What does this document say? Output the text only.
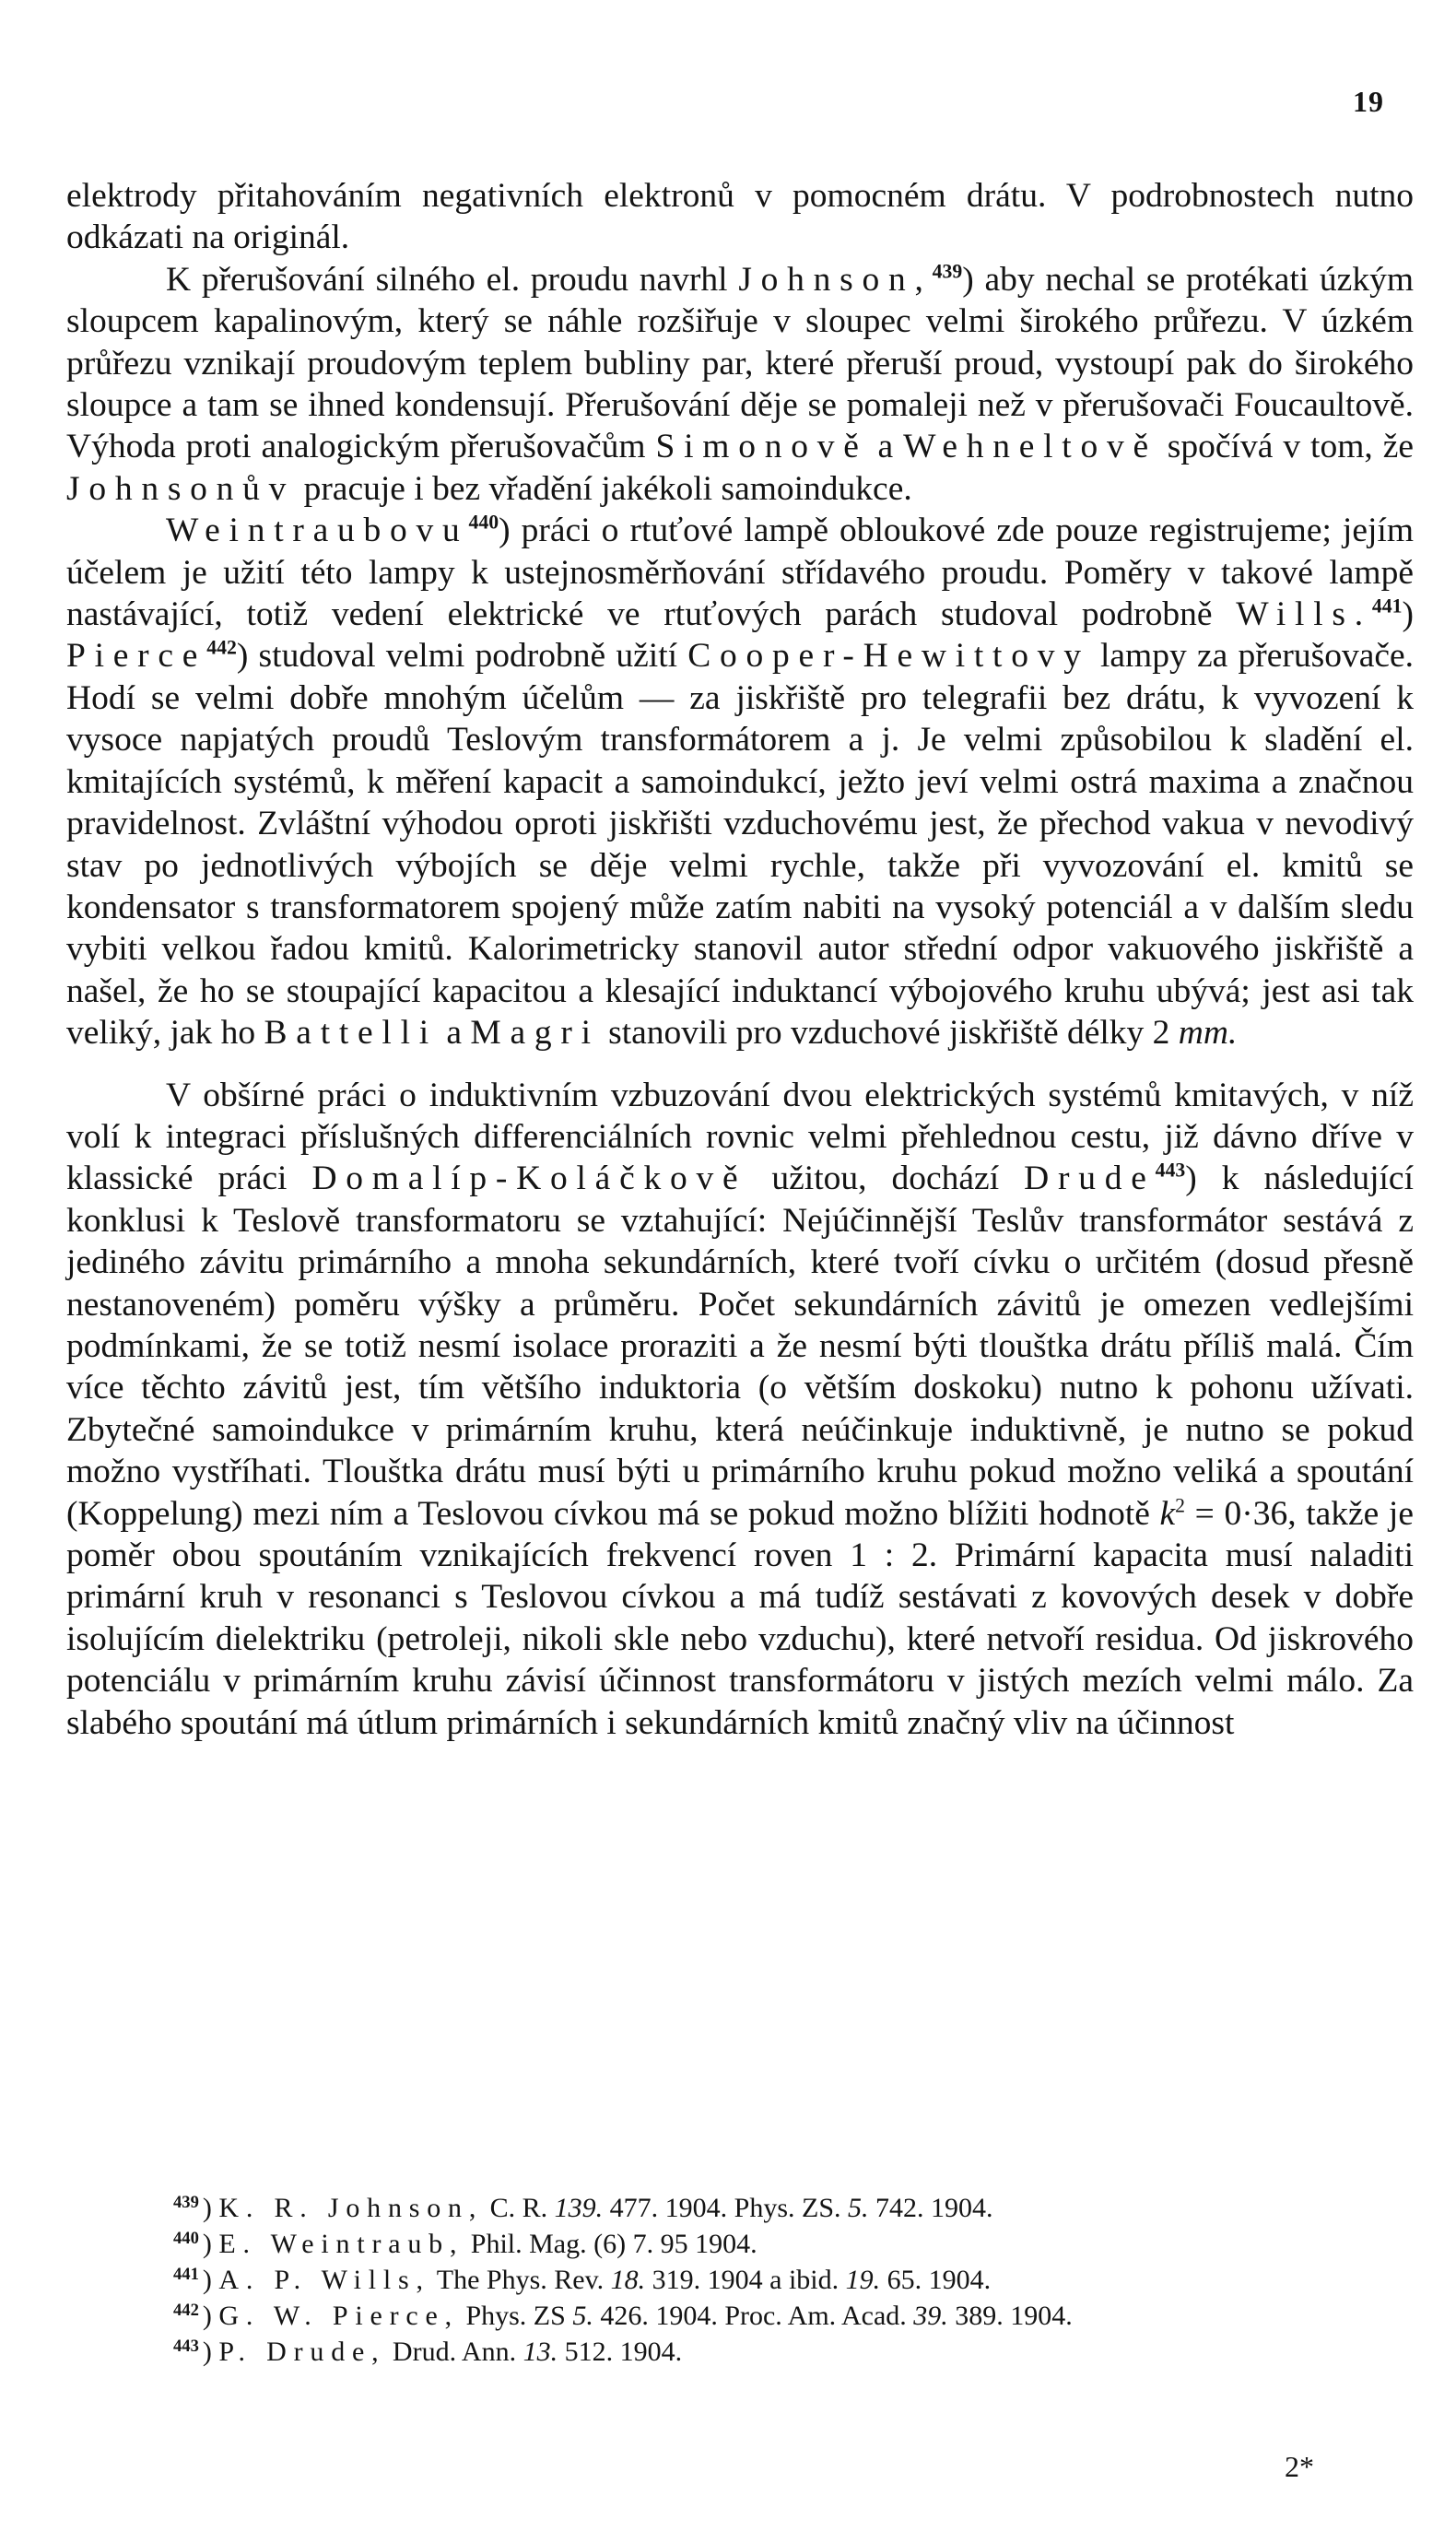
19

elektrody přitahováním negativních elektronů v pomocném drátu. V podrobnostech nutno odkázati na originál.

K přerušování silného el. proudu navrhl Johnson,$^{439}$) aby nechal se protékati úzkým sloupcem kapalinovým, který se náhle rozšiřuje v sloupec velmi širokého průřezu. V úzkém průřezu vznikají proudovým teplem bubliny par, které přeruší proud, vystoupí pak do širokého sloupce a tam se ihned kondensují. Přerušování děje se pomaleji než v přerušovači Foucaultově. Výhoda proti analogickým přerušovačům Simonově a Wehneltově spočívá v tom, že Johnsonův pracuje i bez vřadění jakékoli samoindukce.

Weintraubovu$^{440}$) práci o rtuťové lampě obloukové zde pouze registrujeme; jejím účelem je užití této lampy k ustejnosměrňování střídavého proudu. Poměry v takové lampě nastávající, totiž vedení elektrické ve rtuťových parách studoval podrobně Wills.$^{441}$) Pierce$^{442}$) studoval velmi podrobně užití Cooper-Hewittovy lampy za přerušovače. Hodí se velmi dobře mnohým účelům — za jiskřiště pro telegrafii bez drátu, k vyvození k vysoce napjatých proudů Teslovým transformátorem a j. Je velmi způsobilou k sladění el. kmitajících systémů, k měření kapacit a samoindukcí, ježto jeví velmi ostrá maxima a značnou pravidelnost. Zvláštní výhodou oproti jiskřišti vzduchovému jest, že přechod vakua v nevodivý stav po jednotlivých výbojích se děje velmi rychle, takže při vyvozování el. kmitů se kondensator s transformatorem spojený může zatím nabiti na vysoký potenciál a v dalším sledu vybiti velkou řadou kmitů. Kalorimetricky stanovil autor střední odpor vakuového jiskřiště a našel, že ho se stoupající kapacitou a klesající induktancí výbojového kruhu ubývá; jest asi tak veliký, jak ho Battelli a Magri stanovili pro vzduchové jiskřiště délky 2 mm.

V obšírné práci o induktivním vzbuzování dvou elektrických systémů kmitavých, v níž volí k integraci příslušných differenciálních rovnic velmi přehlednou cestu, již dávno dříve v klassické práci Domalíp-Koláčkově užitou, dochází Drude$^{443}$) k následující konklusi k Teslově transformatoru se vztahující: Nejúčinnější Teslův transformátor sestává z jediného závitu primárního a mnoha sekundárních, které tvoří cívku o určitém (dosud přesně nestanoveném) poměru výšky a průměru. Počet sekundárních závitů je omezen vedlejšími podmínkami, že se totiž nesmí isolace proraziti a že nesmí býti tlouštka drátu příliš malá. Čím více těchto závitů jest, tím většího induktoria (o větším doskoku) nutno k pohonu užívati. Zbytečné samoindukce v primárním kruhu, která neúčinkuje induktivně, je nutno se pokud možno vystříhati. Tlouštka drátu musí býti u primárního kruhu pokud možno veliká a spoutání (Koppelung) mezi ním a Teslovou cívkou má se pokud možno blížiti hodnotě $k^2 = 0\cdot 36$, takže je poměr obou spoutáním vznikajících frekvencí roven 1 : 2. Primární kapacita musí naladiti primární kruh v resonanci s Teslovou cívkou a má tudíž sestávati z kovových desek v dobře isolujícím dielektriku (petroleji, nikoli skle nebo vzduchu), které netvoří residua. Od jiskrového potenciálu v primárním kruhu závisí účinnost transformátoru v jistých mezích velmi málo. Za slabého spoutání má útlum primárních i sekundárních kmitů značný vliv na účinnost

$^{439}$ ) K. R. Johnson, C. R. 139. 477. 1904. Phys. ZS. 5. 742. 1904.
$^{440}$ ) E. Weintraub, Phil. Mag. (6) 7. 95 1904.
$^{441}$ ) A. P. Wills, The Phys. Rev. 18. 319. 1904 a ibid. 19. 65. 1904.
$^{442}$ ) G. W. Pierce, Phys. ZS 5. 426. 1904. Proc. Am. Acad. 39. 389. 1904.
$^{443}$ ) P. Drude, Drud. Ann. 13. 512. 1904.
2*
